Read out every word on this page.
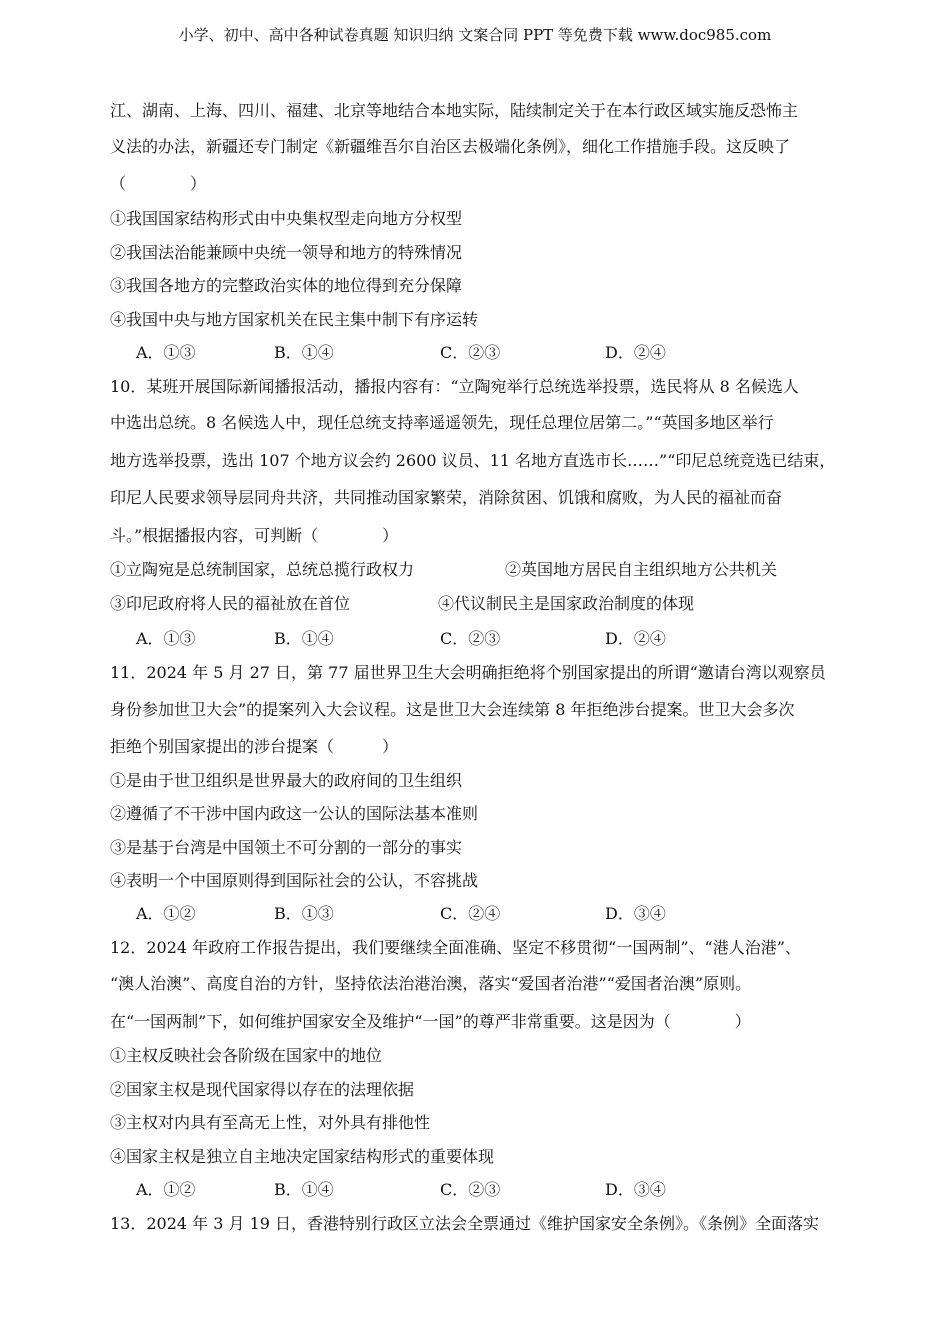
小学、初中、高中各种试卷真题 知识归纳 文案合同 PPT 等免费下载 www.doc985.com
江、湖南、上海、四川、福建、北京等地结合本地实际，陆续制定关于在本行政区域实施反恐怖主
义法的办法，新疆还专门制定《新疆维吾尔自治区去极端化条例》，细化工作措施手段。这反映了
（　　　　）
①我国国家结构形式由中央集权型走向地方分权型
②我国法治能兼顾中央统一领导和地方的特殊情况
③我国各地方的完整政治实体的地位得到充分保障
④我国中央与地方国家机关在民主集中制下有序运转
A．①③	B．①④	C．②③	D．②④
10．某班开展国际新闻播报活动，播报内容有：“立陶宛举行总统选举投票，选民将从 8 名候选人
中选出总统。8 名候选人中，现任总统支持率遥遥领先，现任总理位居第二。”“英国多地区举行
地方选举投票，选出 107 个地方议会约 2600 议员、11 名地方直选市长……”“印尼总统竞选已结束，
印尼人民要求领导层同舟共济，共同推动国家繁荣，消除贫困、饥饿和腐败，为人民的福祉而奋
斗。”根据播报内容，可判断（　　　　）
①立陶宛是总统制国家，总统总揽行政权力	②英国地方居民自主组织地方公共机关
③印尼政府将人民的福祉放在首位	④代议制民主是国家政治制度的体现
A．①③	B．①④	C．②③	D．②④
11．2024 年 5 月 27 日，第 77 届世界卫生大会明确拒绝将个别国家提出的所谓“邀请台湾以观察员
身份参加世卫大会”的提案列入大会议程。这是世卫大会连续第 8 年拒绝涉台提案。世卫大会多次
拒绝个别国家提出的涉台提案（　　　）
①是由于世卫组织是世界最大的政府间的卫生组织
②遵循了不干涉中国内政这一公认的国际法基本准则
③是基于台湾是中国领土不可分割的一部分的事实
④表明一个中国原则得到国际社会的公认，不容挑战
A．①②	B．①③	C．②④	D．③④
12．2024 年政府工作报告提出，我们要继续全面准确、坚定不移贯彻“一国两制”、“港人治港”、
“澳人治澳”、高度自治的方针，坚持依法治港治澳，落实“爱国者治港”“爱国者治澳”原则。
在“一国两制”下，如何维护国家安全及维护“一国”的尊严非常重要。这是因为（　　　　）
①主权反映社会各阶级在国家中的地位
②国家主权是现代国家得以存在的法理依据
③主权对内具有至高无上性，对外具有排他性
④国家主权是独立自主地决定国家结构形式的重要体现
A．①②	B．①④	C．②③	D．③④
13．2024 年 3 月 19 日，香港特别行政区立法会全票通过《维护国家安全条例》。《条例》全面落实
